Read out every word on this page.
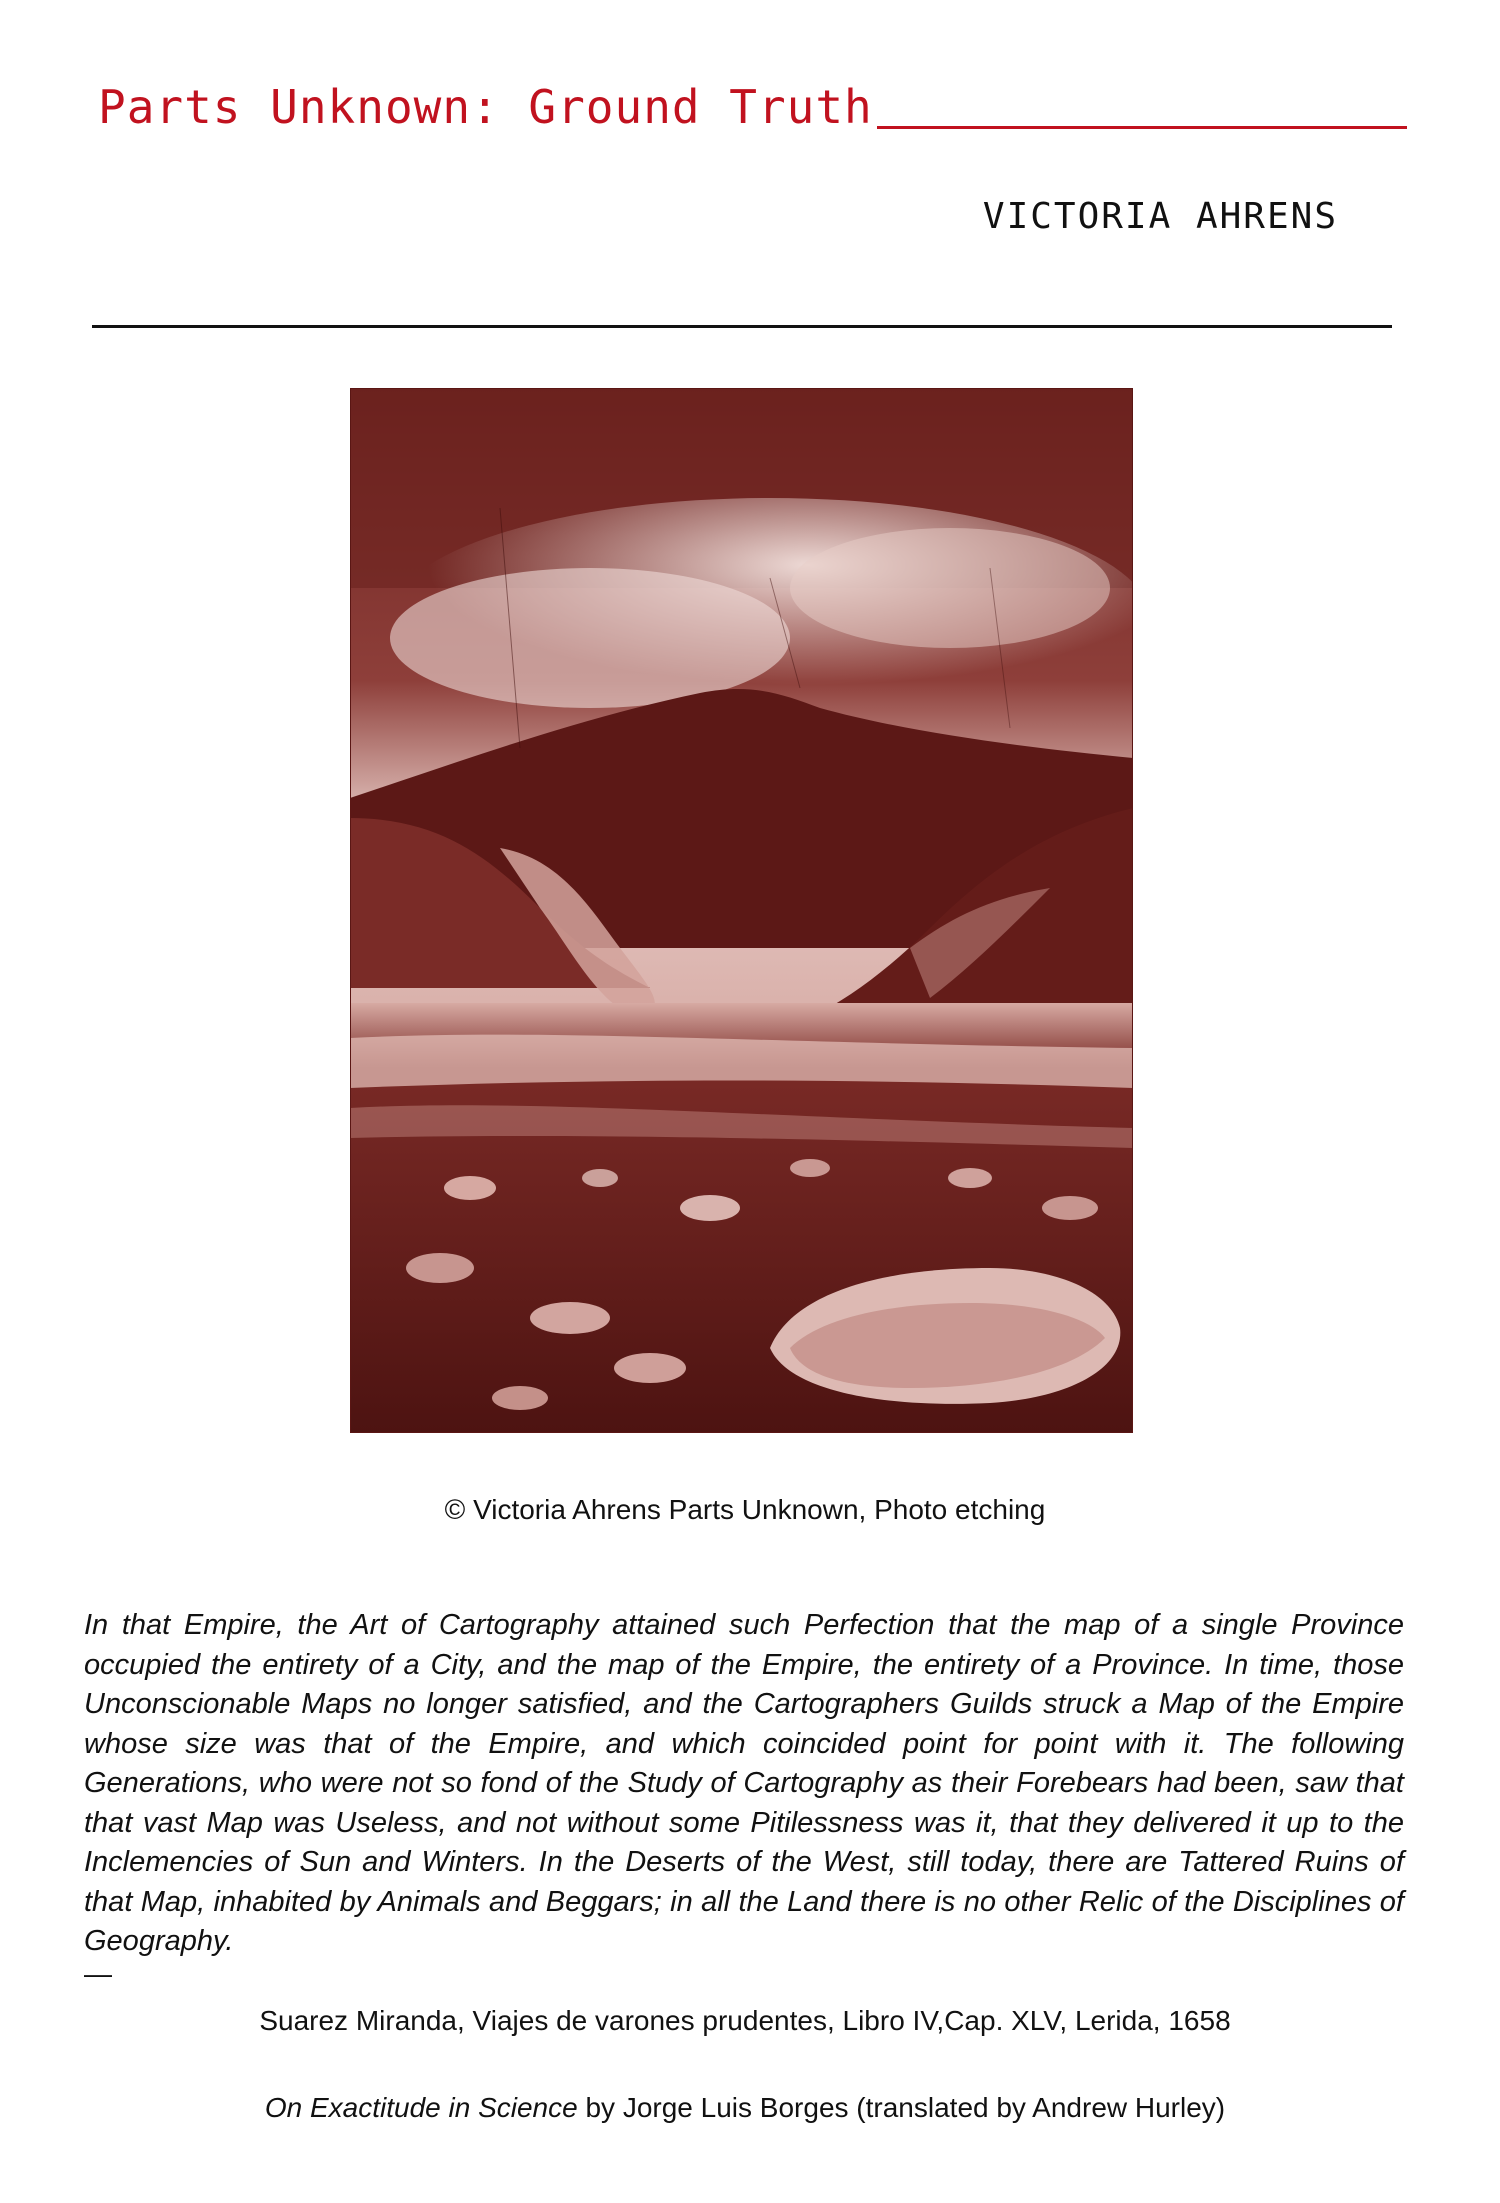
Parts Unknown: Ground Truth
VICTORIA AHRENS
© Victoria Ahrens Parts Unknown, Photo etching

In that Empire, the Art of Cartography attained such Perfection that the map of a single Province occupied the entirety of a City, and the map of the Empire, the entirety of a Province. In time, those Unconscionable Maps no longer satisfied, and the Cartographers Guilds struck a Map of the Empire whose size was that of the Empire, and which coincided point for point with it. The following Generations, who were not so fond of the Study of Cartography as their Forebears had been, saw that that vast Map was Useless, and not without some Pitilessness was it, that they delivered it up to the Inclemencies of Sun and Winters. In the Deserts of the West, still today, there are Tattered Ruins of that Map, inhabited by Animals and Beggars; in all the Land there is no other Relic of the Disciplines of Geography.

—
Suarez Miranda, Viajes de varones prudentes, Libro IV,Cap. XLV, Lerida, 1658
On Exactitude in Science by Jorge Luis Borges (translated by Andrew Hurley)
